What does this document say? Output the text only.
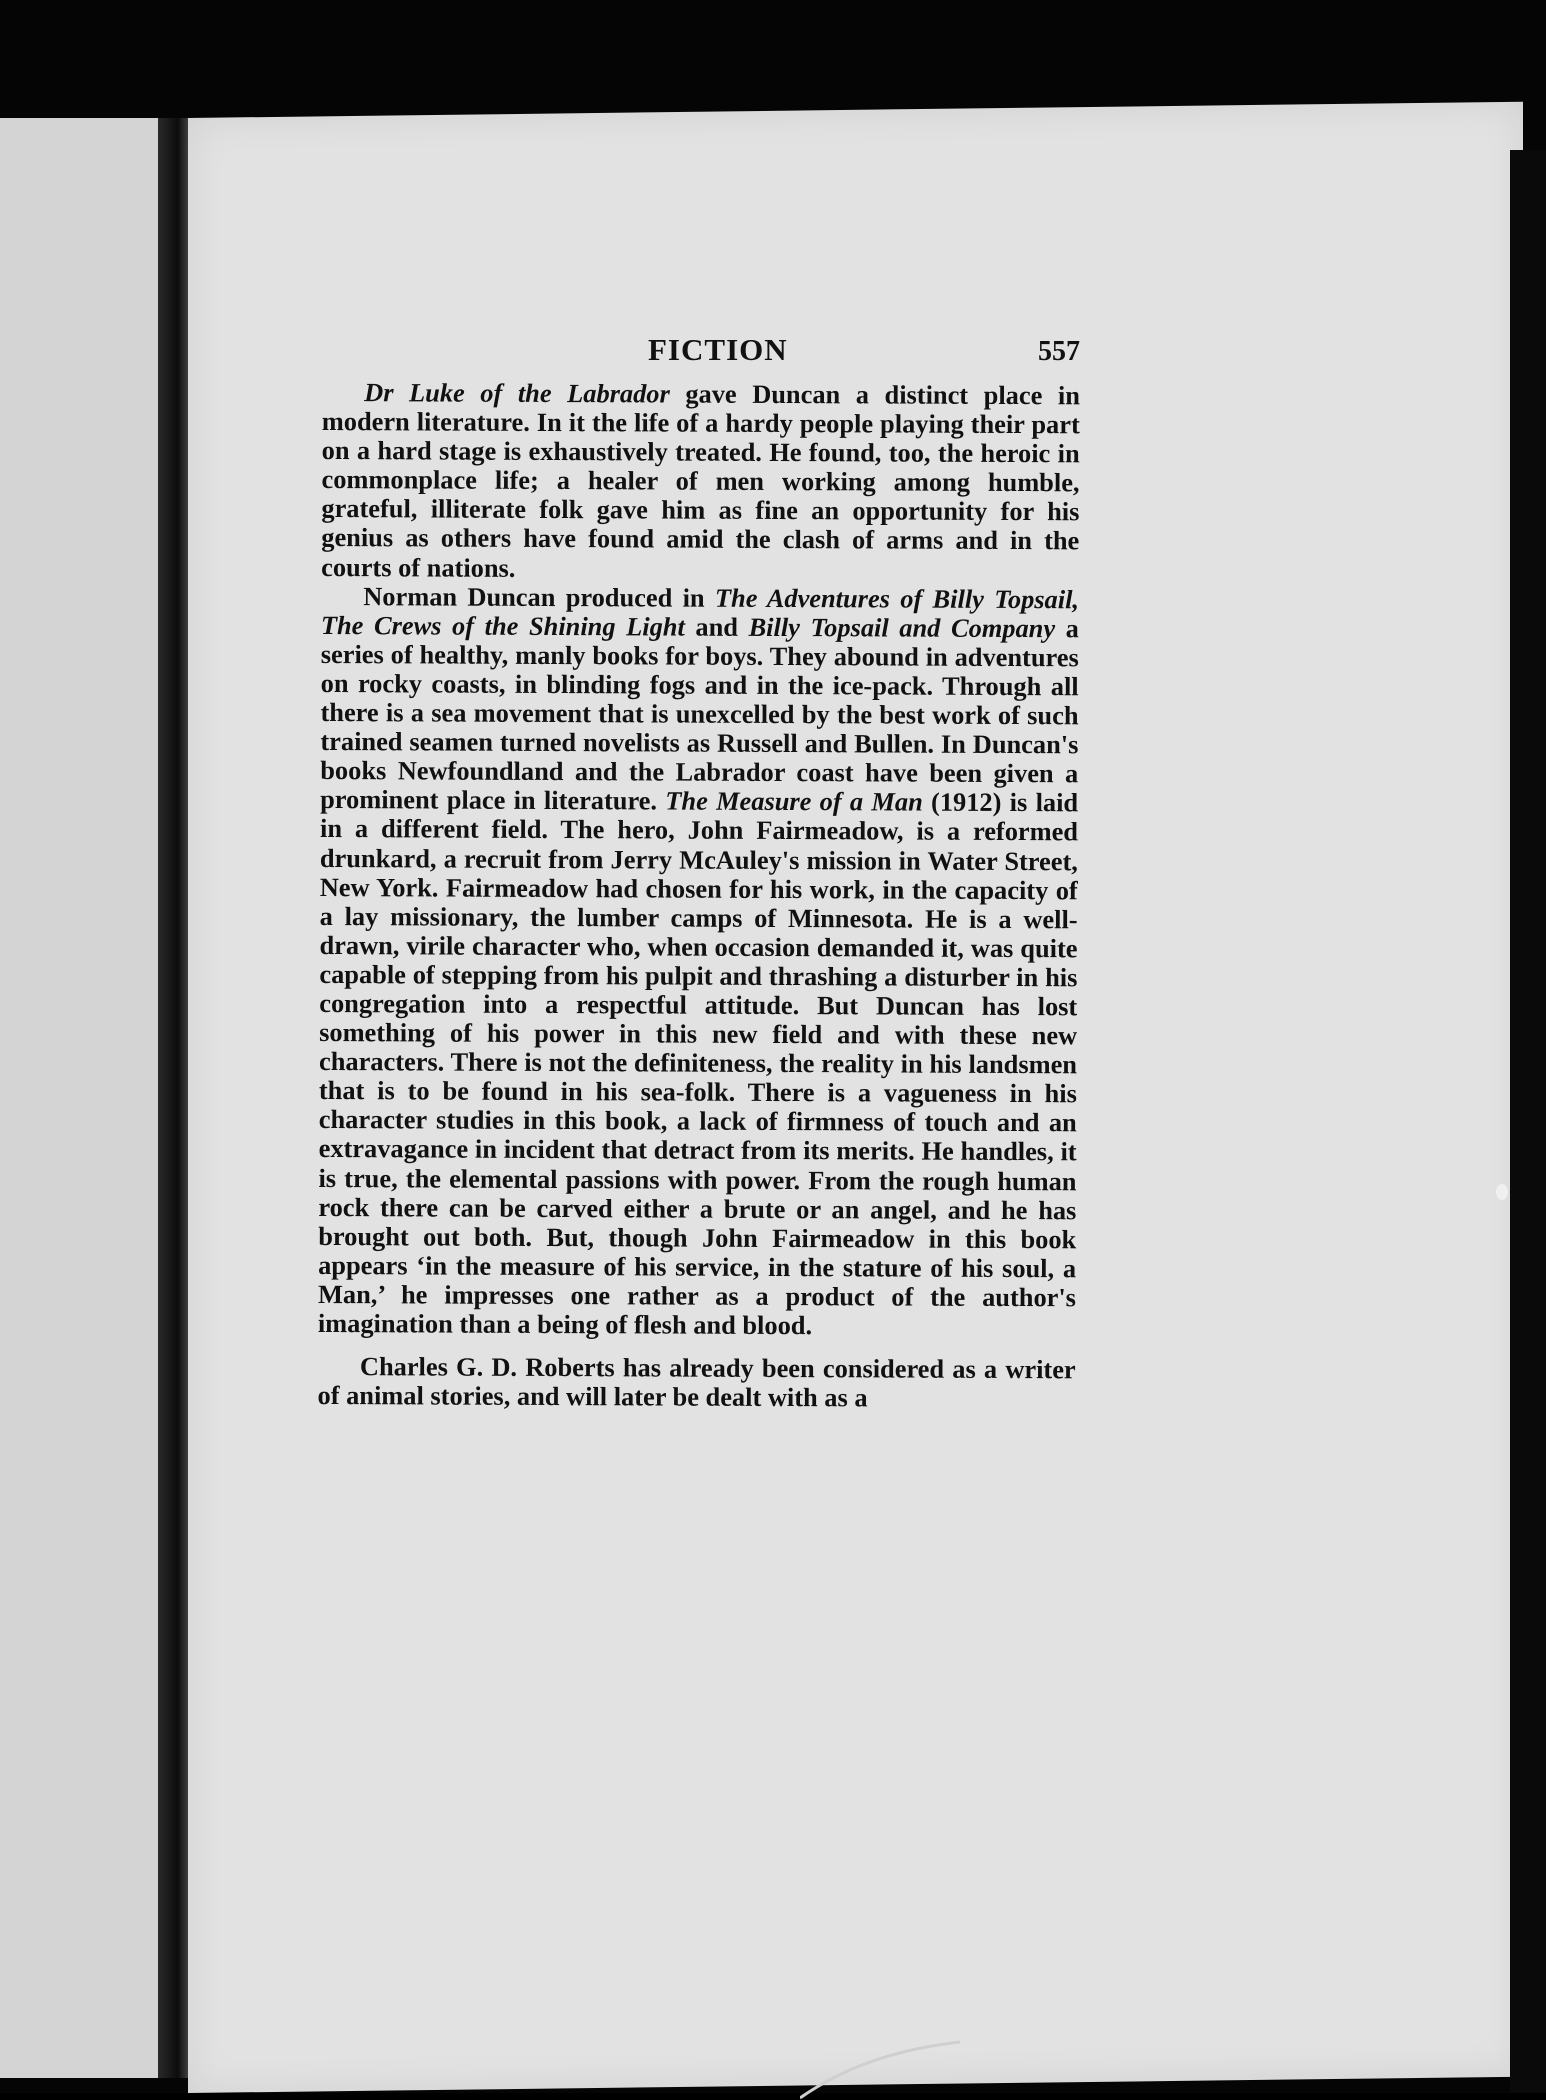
FICTION	557

Dr Luke of the Labrador gave Duncan a distinct place in modern literature. In it the life of a hardy people playing their part on a hard stage is exhaustively treated. He found, too, the heroic in commonplace life; a healer of men working among humble, grateful, illiterate folk gave him as fine an opportunity for his genius as others have found amid the clash of arms and in the courts of nations.

Norman Duncan produced in The Adventures of Billy Topsail, The Crews of the Shining Light and Billy Topsail and Company a series of healthy, manly books for boys. They abound in adventures on rocky coasts, in blinding fogs and in the ice-pack. Through all there is a sea movement that is unexcelled by the best work of such trained seamen turned novelists as Russell and Bullen. In Duncan's books Newfoundland and the Labrador coast have been given a prominent place in literature. The Measure of a Man (1912) is laid in a different field. The hero, John Fairmeadow, is a reformed drunkard, a recruit from Jerry McAuley's mission in Water Street, New York. Fairmeadow had chosen for his work, in the capacity of a lay missionary, the lumber camps of Minnesota. He is a well-drawn, virile character who, when occasion demanded it, was quite capable of stepping from his pulpit and thrashing a disturber in his congregation into a respectful attitude. But Duncan has lost something of his power in this new field and with these new characters. There is not the definiteness, the reality in his landsmen that is to be found in his sea-folk. There is a vagueness in his character studies in this book, a lack of firmness of touch and an extravagance in incident that detract from its merits. He handles, it is true, the elemental passions with power. From the rough human rock there can be carved either a brute or an angel, and he has brought out both. But, though John Fairmeadow in this book appears ‘in the measure of his service, in the stature of his soul, a Man,’ he impresses one rather as a product of the author's imagination than a being of flesh and blood.

Charles G. D. Roberts has already been considered as a writer of animal stories, and will later be dealt with as a
